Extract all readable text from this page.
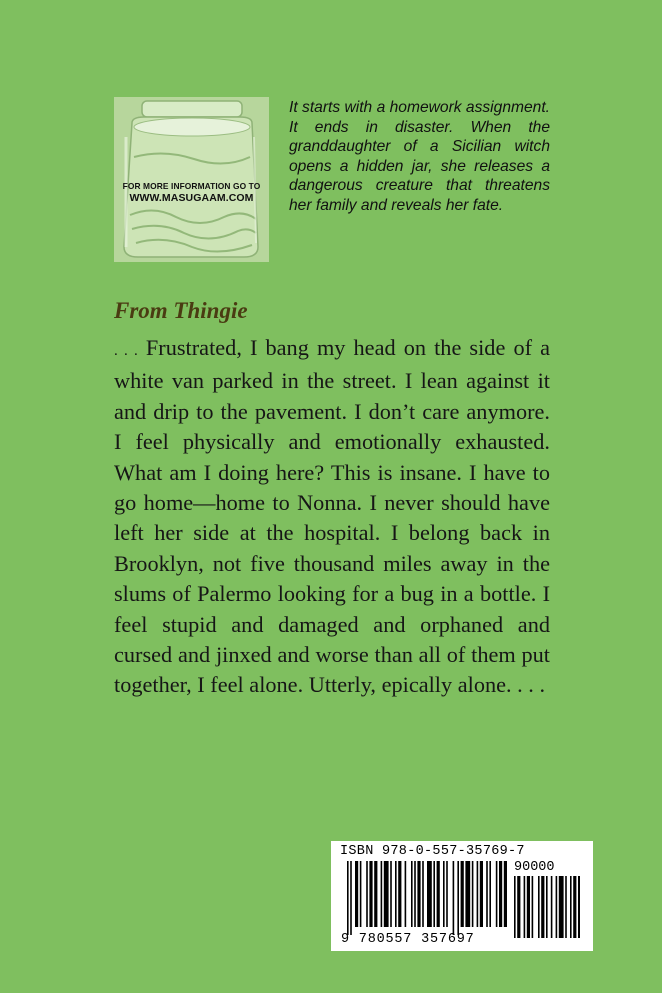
FOR MORE INFORMATION GO TO
WWW.MASUGAAM.COM

It starts with a homework assignment. It ends in disaster. When the granddaughter of a Sicilian witch opens a hidden jar, she releases a dangerous creature that threatens her family and reveals her fate.

From Thingie

. . . Frustrated, I bang my head on the side of a white van parked in the street. I lean against it and drip to the pavement. I don’t care anymore. I feel physically and emotionally exhausted. What am I doing here? This is insane. I have to go home—home to Nonna. I never should have left her side at the hospital. I belong back in Brooklyn, not five thousand miles away in the slums of Palermo looking for a bug in a bottle. I feel stupid and damaged and orphaned and cursed and jinxed and worse than all of them put together, I feel alone. Utterly, epically alone. . . .

ISBN 978-0-557-35769-7
90000
9 780557 357697
